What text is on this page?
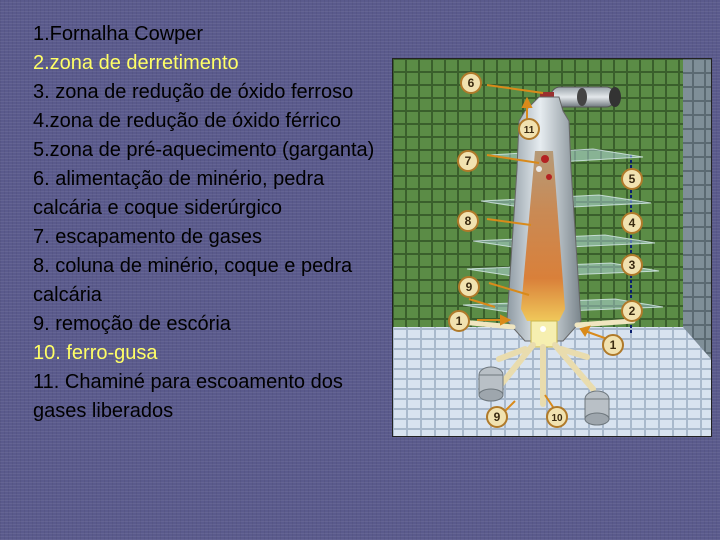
1.Fornalha Cowper
2.zona de derretimento
3. zona de redução de óxido ferroso
4.zona de redução de óxido férrico
5.zona de pré-aquecimento (garganta)
6. alimentação de minério, pedra calcária e coque siderúrgico
7. escapamento de gases
8. coluna de minério, coque e pedra calcária
9. remoção de escória
10. ferro-gusa
11. Chaminé para escoamento dos gases liberados
6
11
7
5
8	4
3
9
1
2
1
9	10
